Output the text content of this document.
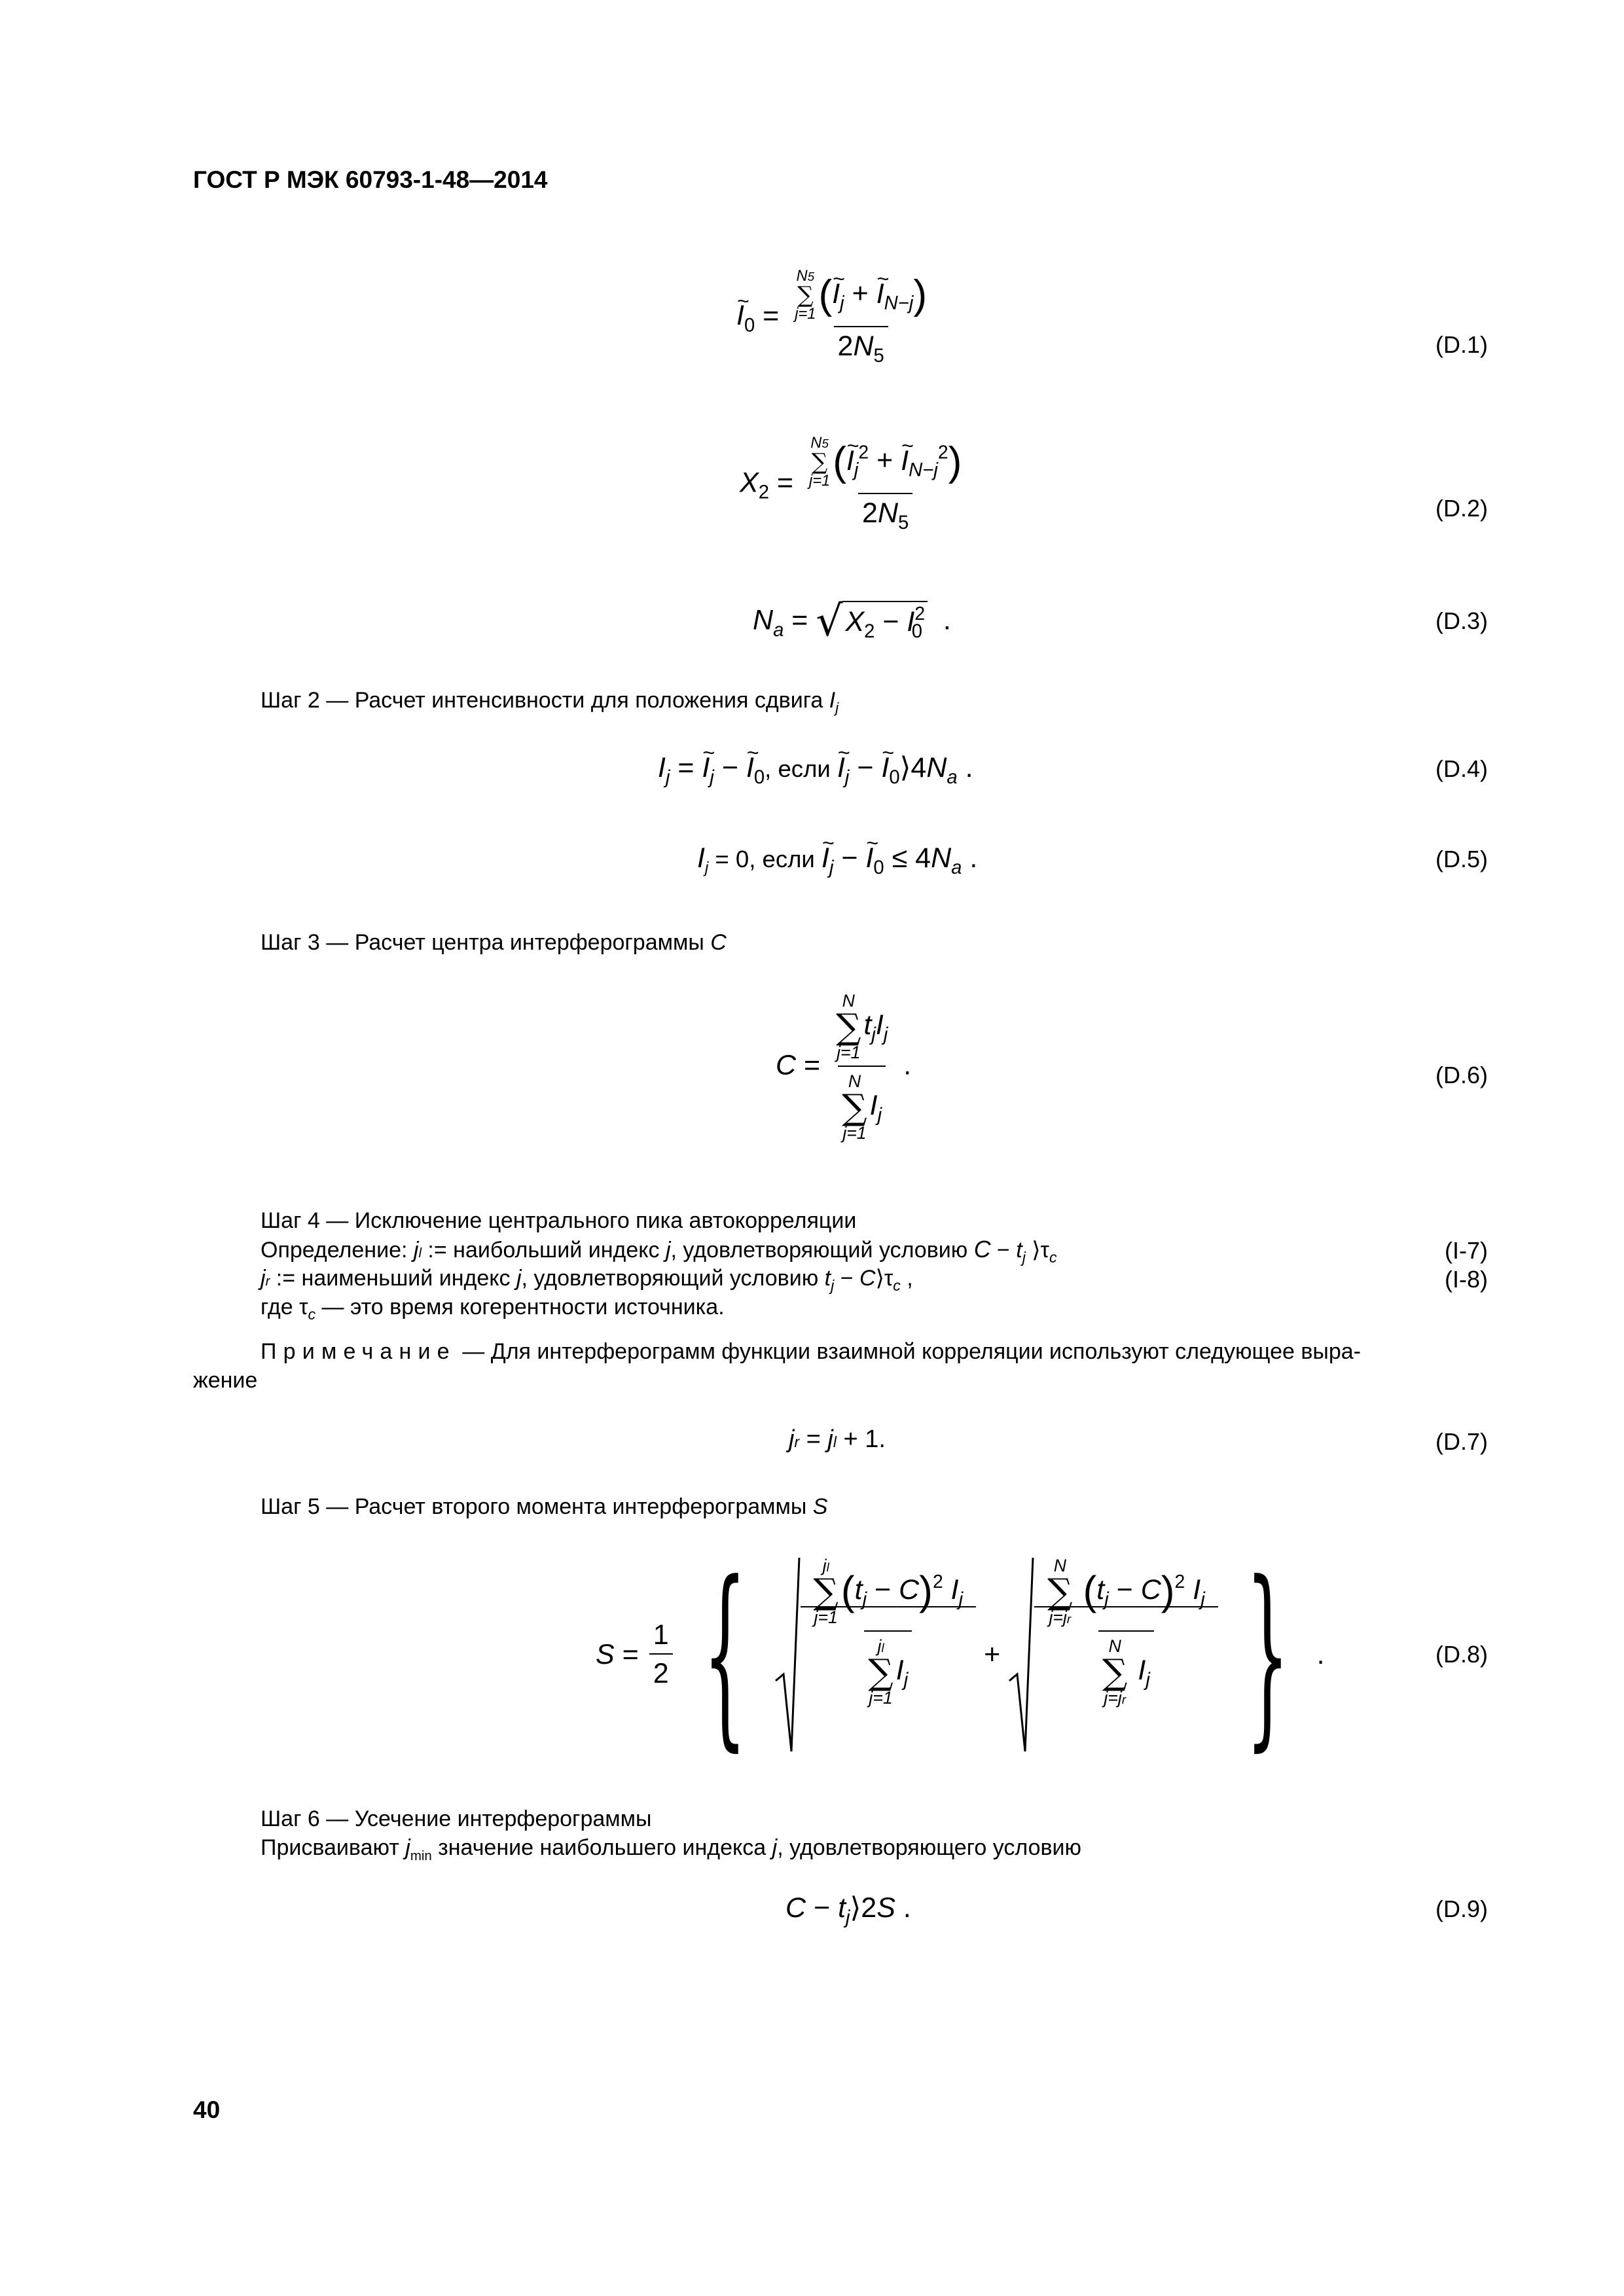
ГОСТ Р МЭК 60793-1-48—2014
~ $I_0 = N5$
∑
j=1 (~ $I_j$ + ~ $I_{N-j}$)
$2N_5$	(D.1)
$X_2 = N5$
∑
j=1 (~ $I_j^2$ + ~ $I_{N-j}^2$)
$2N_5$	(D.2)
$N_a$ = √ $X_2 - I^2_0$ .	(D.3)
Шаг 2 — Расчет интенсивности для положения сдвига $I_j$
$I_j$ = ~ $I_j$ − ~ $I_0$, если ~ $I_j$ − ~ $I_0⟩4N_a$ .	(D.4)
$I_j = 0$, если ~ $I_j$ − ~ $I_0 \le 4N_a$ .	(D.5)
Шаг 3 — Расчет центра интерферограммы C
C = N
∑
j=1
$t_jI_j$
N
∑
j=1
$I_j$ .	(D.6)
Шаг 4 — Исключение центрального пика автокорреляции
Определение: jl := наибольший индекс j, удовлетворяющий условию $C - t_j$ $⟩\tau_c$	(I-7)
jr := наименьший индекс j, удовлетворяющий условию $t_j$ − $C⟩\tau_c$ ,	(I-8)
где $\tau_c$ — это время когерентности источника.
Примечание — Для интерферограмм функции взаимной корреляции используют следующее выра-
жение
jr = jl + 1.	(D.7)
Шаг 5 — Расчет второго момента интерферограммы S
$S = \frac{1}{2}$ {	jl
∑
j=1
$(t_j - C)^2$ $I_j$
jl
∑
j=1
$I_j + N$
∑
j=jr
$(t_j - C)^2$ $I_j$
N
∑
j=jr
$I_j$ } .	(D.8)
Шаг 6 — Усечение интерферограммы
Присваивают $j_{min}$ значение наибольшего индекса j, удовлетворяющего условию
$C - t_j⟩2S$ .	(D.9)
40
